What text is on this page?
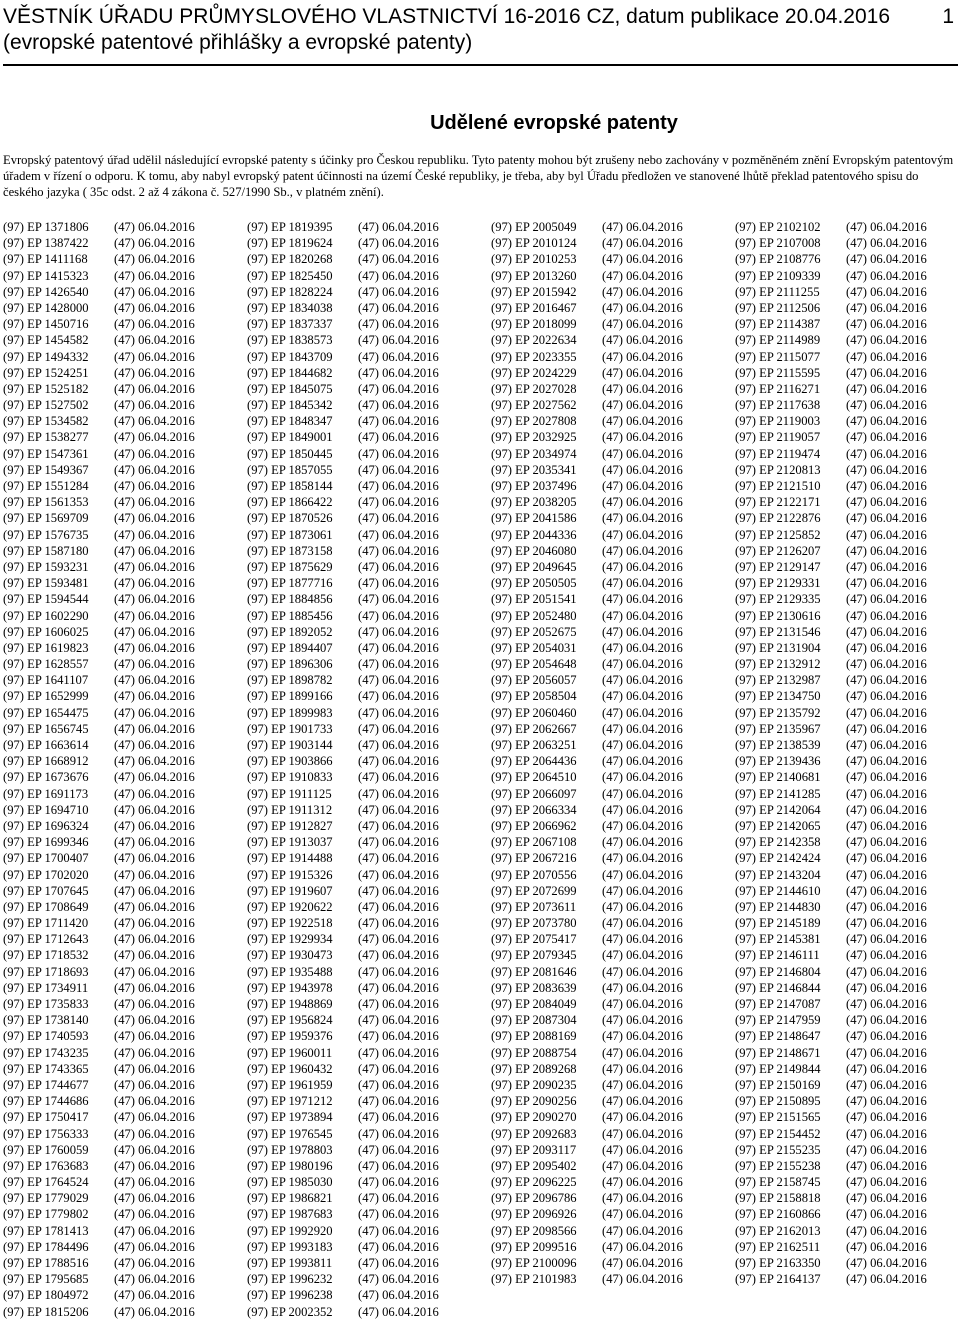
VĚSTNÍK ÚŘADU PRŮMYSLOVÉHO VLASTNICTVÍ 16-2016 CZ, datum publikace 20.04.2016
(evropské patentové přihlášky a evropské patenty)
1
Udělené evropské patenty
Evropský patentový úřad udělil následující evropské patenty s účinky pro Českou republiku. Tyto patenty mohou být zrušeny nebo zachovány v pozměněném znění Evropským patentovým úřadem v řízení o odporu. K tomu, aby nabyl evropský patent účinnosti na území České republiky, je třeba, aby byl Úřadu předložen ve stanovené lhůtě překlad patentového spisu do českého jazyka ( 35c odst. 2 až 4 zákona č. 527/1990 Sb., v platném znění).
(97) EP 1371806	(47) 06.04.2016
(97) EP 1387422	(47) 06.04.2016
(97) EP 1411168	(47) 06.04.2016
(97) EP 1415323	(47) 06.04.2016
(97) EP 1426540	(47) 06.04.2016
(97) EP 1428000	(47) 06.04.2016
(97) EP 1450716	(47) 06.04.2016
(97) EP 1454582	(47) 06.04.2016
(97) EP 1494332	(47) 06.04.2016
(97) EP 1524251	(47) 06.04.2016
(97) EP 1525182	(47) 06.04.2016
(97) EP 1527502	(47) 06.04.2016
(97) EP 1534582	(47) 06.04.2016
(97) EP 1538277	(47) 06.04.2016
(97) EP 1547361	(47) 06.04.2016
(97) EP 1549367	(47) 06.04.2016
(97) EP 1551284	(47) 06.04.2016
(97) EP 1561353	(47) 06.04.2016
(97) EP 1569709	(47) 06.04.2016
(97) EP 1576735	(47) 06.04.2016
(97) EP 1587180	(47) 06.04.2016
(97) EP 1593231	(47) 06.04.2016
(97) EP 1593481	(47) 06.04.2016
(97) EP 1594544	(47) 06.04.2016
(97) EP 1602290	(47) 06.04.2016
(97) EP 1606025	(47) 06.04.2016
(97) EP 1619823	(47) 06.04.2016
(97) EP 1628557	(47) 06.04.2016
(97) EP 1641107	(47) 06.04.2016
(97) EP 1652999	(47) 06.04.2016
(97) EP 1654475	(47) 06.04.2016
(97) EP 1656745	(47) 06.04.2016
(97) EP 1663614	(47) 06.04.2016
(97) EP 1668912	(47) 06.04.2016
(97) EP 1673676	(47) 06.04.2016
(97) EP 1691173	(47) 06.04.2016
(97) EP 1694710	(47) 06.04.2016
(97) EP 1696324	(47) 06.04.2016
(97) EP 1699346	(47) 06.04.2016
(97) EP 1700407	(47) 06.04.2016
(97) EP 1702020	(47) 06.04.2016
(97) EP 1707645	(47) 06.04.2016
(97) EP 1708649	(47) 06.04.2016
(97) EP 1711420	(47) 06.04.2016
(97) EP 1712643	(47) 06.04.2016
(97) EP 1718532	(47) 06.04.2016
(97) EP 1718693	(47) 06.04.2016
(97) EP 1734911	(47) 06.04.2016
(97) EP 1735833	(47) 06.04.2016
(97) EP 1738140	(47) 06.04.2016
(97) EP 1740593	(47) 06.04.2016
(97) EP 1743235	(47) 06.04.2016
(97) EP 1743365	(47) 06.04.2016
(97) EP 1744677	(47) 06.04.2016
(97) EP 1744686	(47) 06.04.2016
(97) EP 1750417	(47) 06.04.2016
(97) EP 1756333	(47) 06.04.2016
(97) EP 1760059	(47) 06.04.2016
(97) EP 1763683	(47) 06.04.2016
(97) EP 1764524	(47) 06.04.2016
(97) EP 1779029	(47) 06.04.2016
(97) EP 1779802	(47) 06.04.2016
(97) EP 1781413	(47) 06.04.2016
(97) EP 1784496	(47) 06.04.2016
(97) EP 1788516	(47) 06.04.2016
(97) EP 1795685	(47) 06.04.2016
(97) EP 1804972	(47) 06.04.2016
(97) EP 1815206	(47) 06.04.2016
(97) EP 1819395	(47) 06.04.2016
(97) EP 1819624	(47) 06.04.2016
(97) EP 1820268	(47) 06.04.2016
(97) EP 1825450	(47) 06.04.2016
(97) EP 1828224	(47) 06.04.2016
(97) EP 1834038	(47) 06.04.2016
(97) EP 1837337	(47) 06.04.2016
(97) EP 1838573	(47) 06.04.2016
(97) EP 1843709	(47) 06.04.2016
(97) EP 1844682	(47) 06.04.2016
(97) EP 1845075	(47) 06.04.2016
(97) EP 1845342	(47) 06.04.2016
(97) EP 1848347	(47) 06.04.2016
(97) EP 1849001	(47) 06.04.2016
(97) EP 1850445	(47) 06.04.2016
(97) EP 1857055	(47) 06.04.2016
(97) EP 1858144	(47) 06.04.2016
(97) EP 1866422	(47) 06.04.2016
(97) EP 1870526	(47) 06.04.2016
(97) EP 1873061	(47) 06.04.2016
(97) EP 1873158	(47) 06.04.2016
(97) EP 1875629	(47) 06.04.2016
(97) EP 1877716	(47) 06.04.2016
(97) EP 1884856	(47) 06.04.2016
(97) EP 1885456	(47) 06.04.2016
(97) EP 1892052	(47) 06.04.2016
(97) EP 1894407	(47) 06.04.2016
(97) EP 1896306	(47) 06.04.2016
(97) EP 1898782	(47) 06.04.2016
(97) EP 1899166	(47) 06.04.2016
(97) EP 1899983	(47) 06.04.2016
(97) EP 1901733	(47) 06.04.2016
(97) EP 1903144	(47) 06.04.2016
(97) EP 1903866	(47) 06.04.2016
(97) EP 1910833	(47) 06.04.2016
(97) EP 1911125	(47) 06.04.2016
(97) EP 1911312	(47) 06.04.2016
(97) EP 1912827	(47) 06.04.2016
(97) EP 1913037	(47) 06.04.2016
(97) EP 1914488	(47) 06.04.2016
(97) EP 1915326	(47) 06.04.2016
(97) EP 1919607	(47) 06.04.2016
(97) EP 1920622	(47) 06.04.2016
(97) EP 1922518	(47) 06.04.2016
(97) EP 1929934	(47) 06.04.2016
(97) EP 1930473	(47) 06.04.2016
(97) EP 1935488	(47) 06.04.2016
(97) EP 1943978	(47) 06.04.2016
(97) EP 1948869	(47) 06.04.2016
(97) EP 1956824	(47) 06.04.2016
(97) EP 1959376	(47) 06.04.2016
(97) EP 1960011	(47) 06.04.2016
(97) EP 1960432	(47) 06.04.2016
(97) EP 1961959	(47) 06.04.2016
(97) EP 1971212	(47) 06.04.2016
(97) EP 1973894	(47) 06.04.2016
(97) EP 1976545	(47) 06.04.2016
(97) EP 1978803	(47) 06.04.2016
(97) EP 1980196	(47) 06.04.2016
(97) EP 1985030	(47) 06.04.2016
(97) EP 1986821	(47) 06.04.2016
(97) EP 1987683	(47) 06.04.2016
(97) EP 1992920	(47) 06.04.2016
(97) EP 1993183	(47) 06.04.2016
(97) EP 1993811	(47) 06.04.2016
(97) EP 1996232	(47) 06.04.2016
(97) EP 1996238	(47) 06.04.2016
(97) EP 2002352	(47) 06.04.2016
(97) EP 2005049	(47) 06.04.2016
(97) EP 2010124	(47) 06.04.2016
(97) EP 2010253	(47) 06.04.2016
(97) EP 2013260	(47) 06.04.2016
(97) EP 2015942	(47) 06.04.2016
(97) EP 2016467	(47) 06.04.2016
(97) EP 2018099	(47) 06.04.2016
(97) EP 2022634	(47) 06.04.2016
(97) EP 2023355	(47) 06.04.2016
(97) EP 2024229	(47) 06.04.2016
(97) EP 2027028	(47) 06.04.2016
(97) EP 2027562	(47) 06.04.2016
(97) EP 2027808	(47) 06.04.2016
(97) EP 2032925	(47) 06.04.2016
(97) EP 2034974	(47) 06.04.2016
(97) EP 2035341	(47) 06.04.2016
(97) EP 2037496	(47) 06.04.2016
(97) EP 2038205	(47) 06.04.2016
(97) EP 2041586	(47) 06.04.2016
(97) EP 2044336	(47) 06.04.2016
(97) EP 2046080	(47) 06.04.2016
(97) EP 2049645	(47) 06.04.2016
(97) EP 2050505	(47) 06.04.2016
(97) EP 2051541	(47) 06.04.2016
(97) EP 2052480	(47) 06.04.2016
(97) EP 2052675	(47) 06.04.2016
(97) EP 2054031	(47) 06.04.2016
(97) EP 2054648	(47) 06.04.2016
(97) EP 2056057	(47) 06.04.2016
(97) EP 2058504	(47) 06.04.2016
(97) EP 2060460	(47) 06.04.2016
(97) EP 2062667	(47) 06.04.2016
(97) EP 2063251	(47) 06.04.2016
(97) EP 2064436	(47) 06.04.2016
(97) EP 2064510	(47) 06.04.2016
(97) EP 2066097	(47) 06.04.2016
(97) EP 2066334	(47) 06.04.2016
(97) EP 2066962	(47) 06.04.2016
(97) EP 2067108	(47) 06.04.2016
(97) EP 2067216	(47) 06.04.2016
(97) EP 2070556	(47) 06.04.2016
(97) EP 2072699	(47) 06.04.2016
(97) EP 2073611	(47) 06.04.2016
(97) EP 2073780	(47) 06.04.2016
(97) EP 2075417	(47) 06.04.2016
(97) EP 2079345	(47) 06.04.2016
(97) EP 2081646	(47) 06.04.2016
(97) EP 2083639	(47) 06.04.2016
(97) EP 2084049	(47) 06.04.2016
(97) EP 2087304	(47) 06.04.2016
(97) EP 2088169	(47) 06.04.2016
(97) EP 2088754	(47) 06.04.2016
(97) EP 2089268	(47) 06.04.2016
(97) EP 2090235	(47) 06.04.2016
(97) EP 2090256	(47) 06.04.2016
(97) EP 2090270	(47) 06.04.2016
(97) EP 2092683	(47) 06.04.2016
(97) EP 2093117	(47) 06.04.2016
(97) EP 2095402	(47) 06.04.2016
(97) EP 2096225	(47) 06.04.2016
(97) EP 2096786	(47) 06.04.2016
(97) EP 2096926	(47) 06.04.2016
(97) EP 2098566	(47) 06.04.2016
(97) EP 2099516	(47) 06.04.2016
(97) EP 2100096	(47) 06.04.2016
(97) EP 2101983	(47) 06.04.2016
(97) EP 2102102	(47) 06.04.2016
(97) EP 2107008	(47) 06.04.2016
(97) EP 2108776	(47) 06.04.2016
(97) EP 2109339	(47) 06.04.2016
(97) EP 2111255	(47) 06.04.2016
(97) EP 2112506	(47) 06.04.2016
(97) EP 2114387	(47) 06.04.2016
(97) EP 2114989	(47) 06.04.2016
(97) EP 2115077	(47) 06.04.2016
(97) EP 2115595	(47) 06.04.2016
(97) EP 2116271	(47) 06.04.2016
(97) EP 2117638	(47) 06.04.2016
(97) EP 2119003	(47) 06.04.2016
(97) EP 2119057	(47) 06.04.2016
(97) EP 2119474	(47) 06.04.2016
(97) EP 2120813	(47) 06.04.2016
(97) EP 2121510	(47) 06.04.2016
(97) EP 2122171	(47) 06.04.2016
(97) EP 2122876	(47) 06.04.2016
(97) EP 2125852	(47) 06.04.2016
(97) EP 2126207	(47) 06.04.2016
(97) EP 2129147	(47) 06.04.2016
(97) EP 2129331	(47) 06.04.2016
(97) EP 2129335	(47) 06.04.2016
(97) EP 2130616	(47) 06.04.2016
(97) EP 2131546	(47) 06.04.2016
(97) EP 2131904	(47) 06.04.2016
(97) EP 2132912	(47) 06.04.2016
(97) EP 2132987	(47) 06.04.2016
(97) EP 2134750	(47) 06.04.2016
(97) EP 2135792	(47) 06.04.2016
(97) EP 2135967	(47) 06.04.2016
(97) EP 2138539	(47) 06.04.2016
(97) EP 2139436	(47) 06.04.2016
(97) EP 2140681	(47) 06.04.2016
(97) EP 2141285	(47) 06.04.2016
(97) EP 2142064	(47) 06.04.2016
(97) EP 2142065	(47) 06.04.2016
(97) EP 2142358	(47) 06.04.2016
(97) EP 2142424	(47) 06.04.2016
(97) EP 2143204	(47) 06.04.2016
(97) EP 2144610	(47) 06.04.2016
(97) EP 2144830	(47) 06.04.2016
(97) EP 2145189	(47) 06.04.2016
(97) EP 2145381	(47) 06.04.2016
(97) EP 2146111	(47) 06.04.2016
(97) EP 2146804	(47) 06.04.2016
(97) EP 2146844	(47) 06.04.2016
(97) EP 2147087	(47) 06.04.2016
(97) EP 2147959	(47) 06.04.2016
(97) EP 2148647	(47) 06.04.2016
(97) EP 2148671	(47) 06.04.2016
(97) EP 2149844	(47) 06.04.2016
(97) EP 2150169	(47) 06.04.2016
(97) EP 2150895	(47) 06.04.2016
(97) EP 2151565	(47) 06.04.2016
(97) EP 2154452	(47) 06.04.2016
(97) EP 2155235	(47) 06.04.2016
(97) EP 2155238	(47) 06.04.2016
(97) EP 2158745	(47) 06.04.2016
(97) EP 2158818	(47) 06.04.2016
(97) EP 2160866	(47) 06.04.2016
(97) EP 2162013	(47) 06.04.2016
(97) EP 2162511	(47) 06.04.2016
(97) EP 2163350	(47) 06.04.2016
(97) EP 2164137	(47) 06.04.2016
